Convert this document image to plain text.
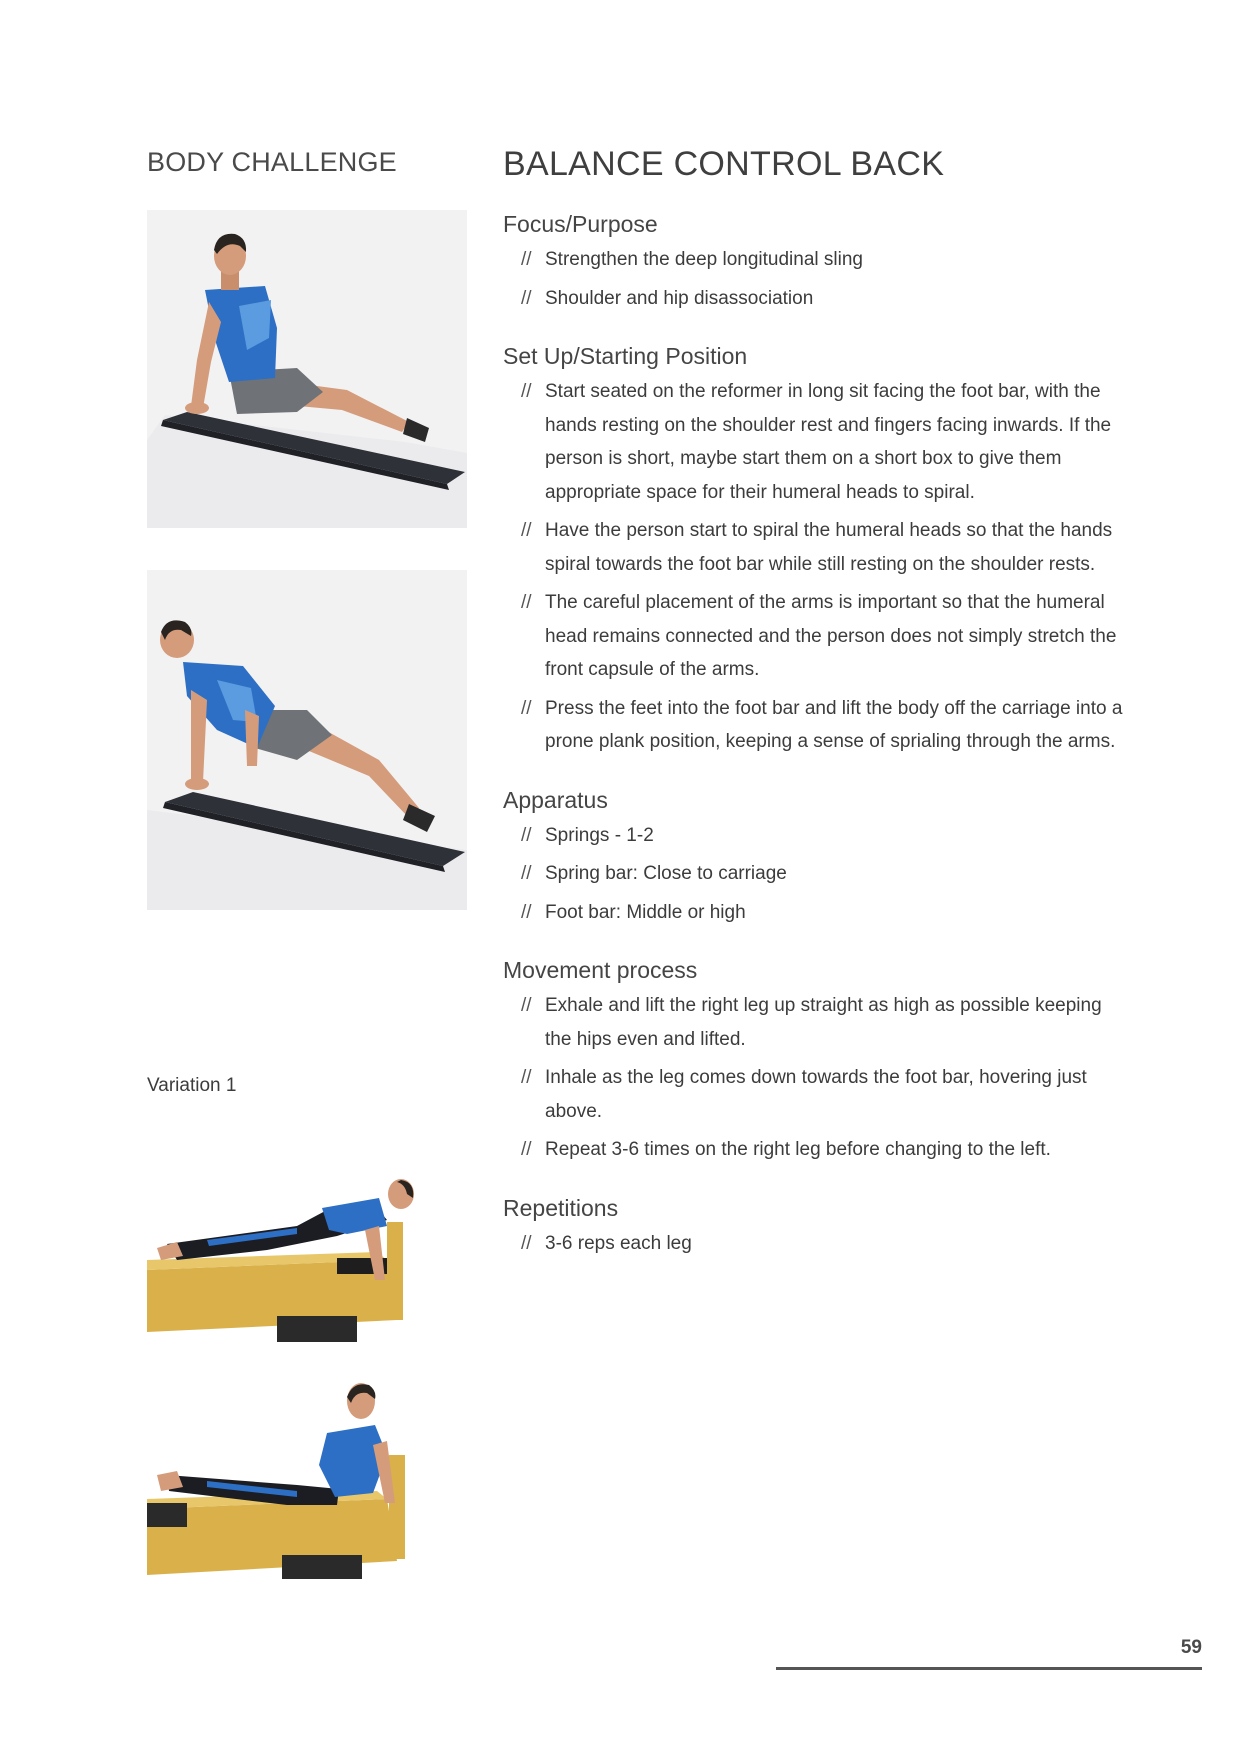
BODY CHALLENGE
Variation 1
BALANCE CONTROL BACK
Focus/Purpose
// Strengthen the deep longitudinal sling
// Shoulder and hip disassociation
Set Up/Starting Position
// Start seated on the reformer in long sit facing the foot bar, with the hands resting on the shoulder rest and fingers facing inwards. If the person is short, maybe start them on a short box to give them appropriate space for their humeral heads to spiral.
// Have the person start to spiral the humeral heads so that the hands spiral towards the foot bar while still resting on the shoulder rests.
// The careful placement of the arms is important so that the humeral head remains connected and the person does not simply stretch the front capsule of the arms.
// Press the feet into the foot bar and lift the body off the carriage into a prone plank position, keeping a sense of sprialing through the arms.
Apparatus
// Springs - 1-2
// Spring bar: Close to carriage
// Foot bar: Middle or high
Movement process
// Exhale and lift the right leg up straight as high as possible keeping the hips even and lifted.
// Inhale as the leg comes down towards the foot bar, hovering just above.
// Repeat 3-6 times on the right leg before changing to the left.
Repetitions
// 3-6 reps each leg
59
